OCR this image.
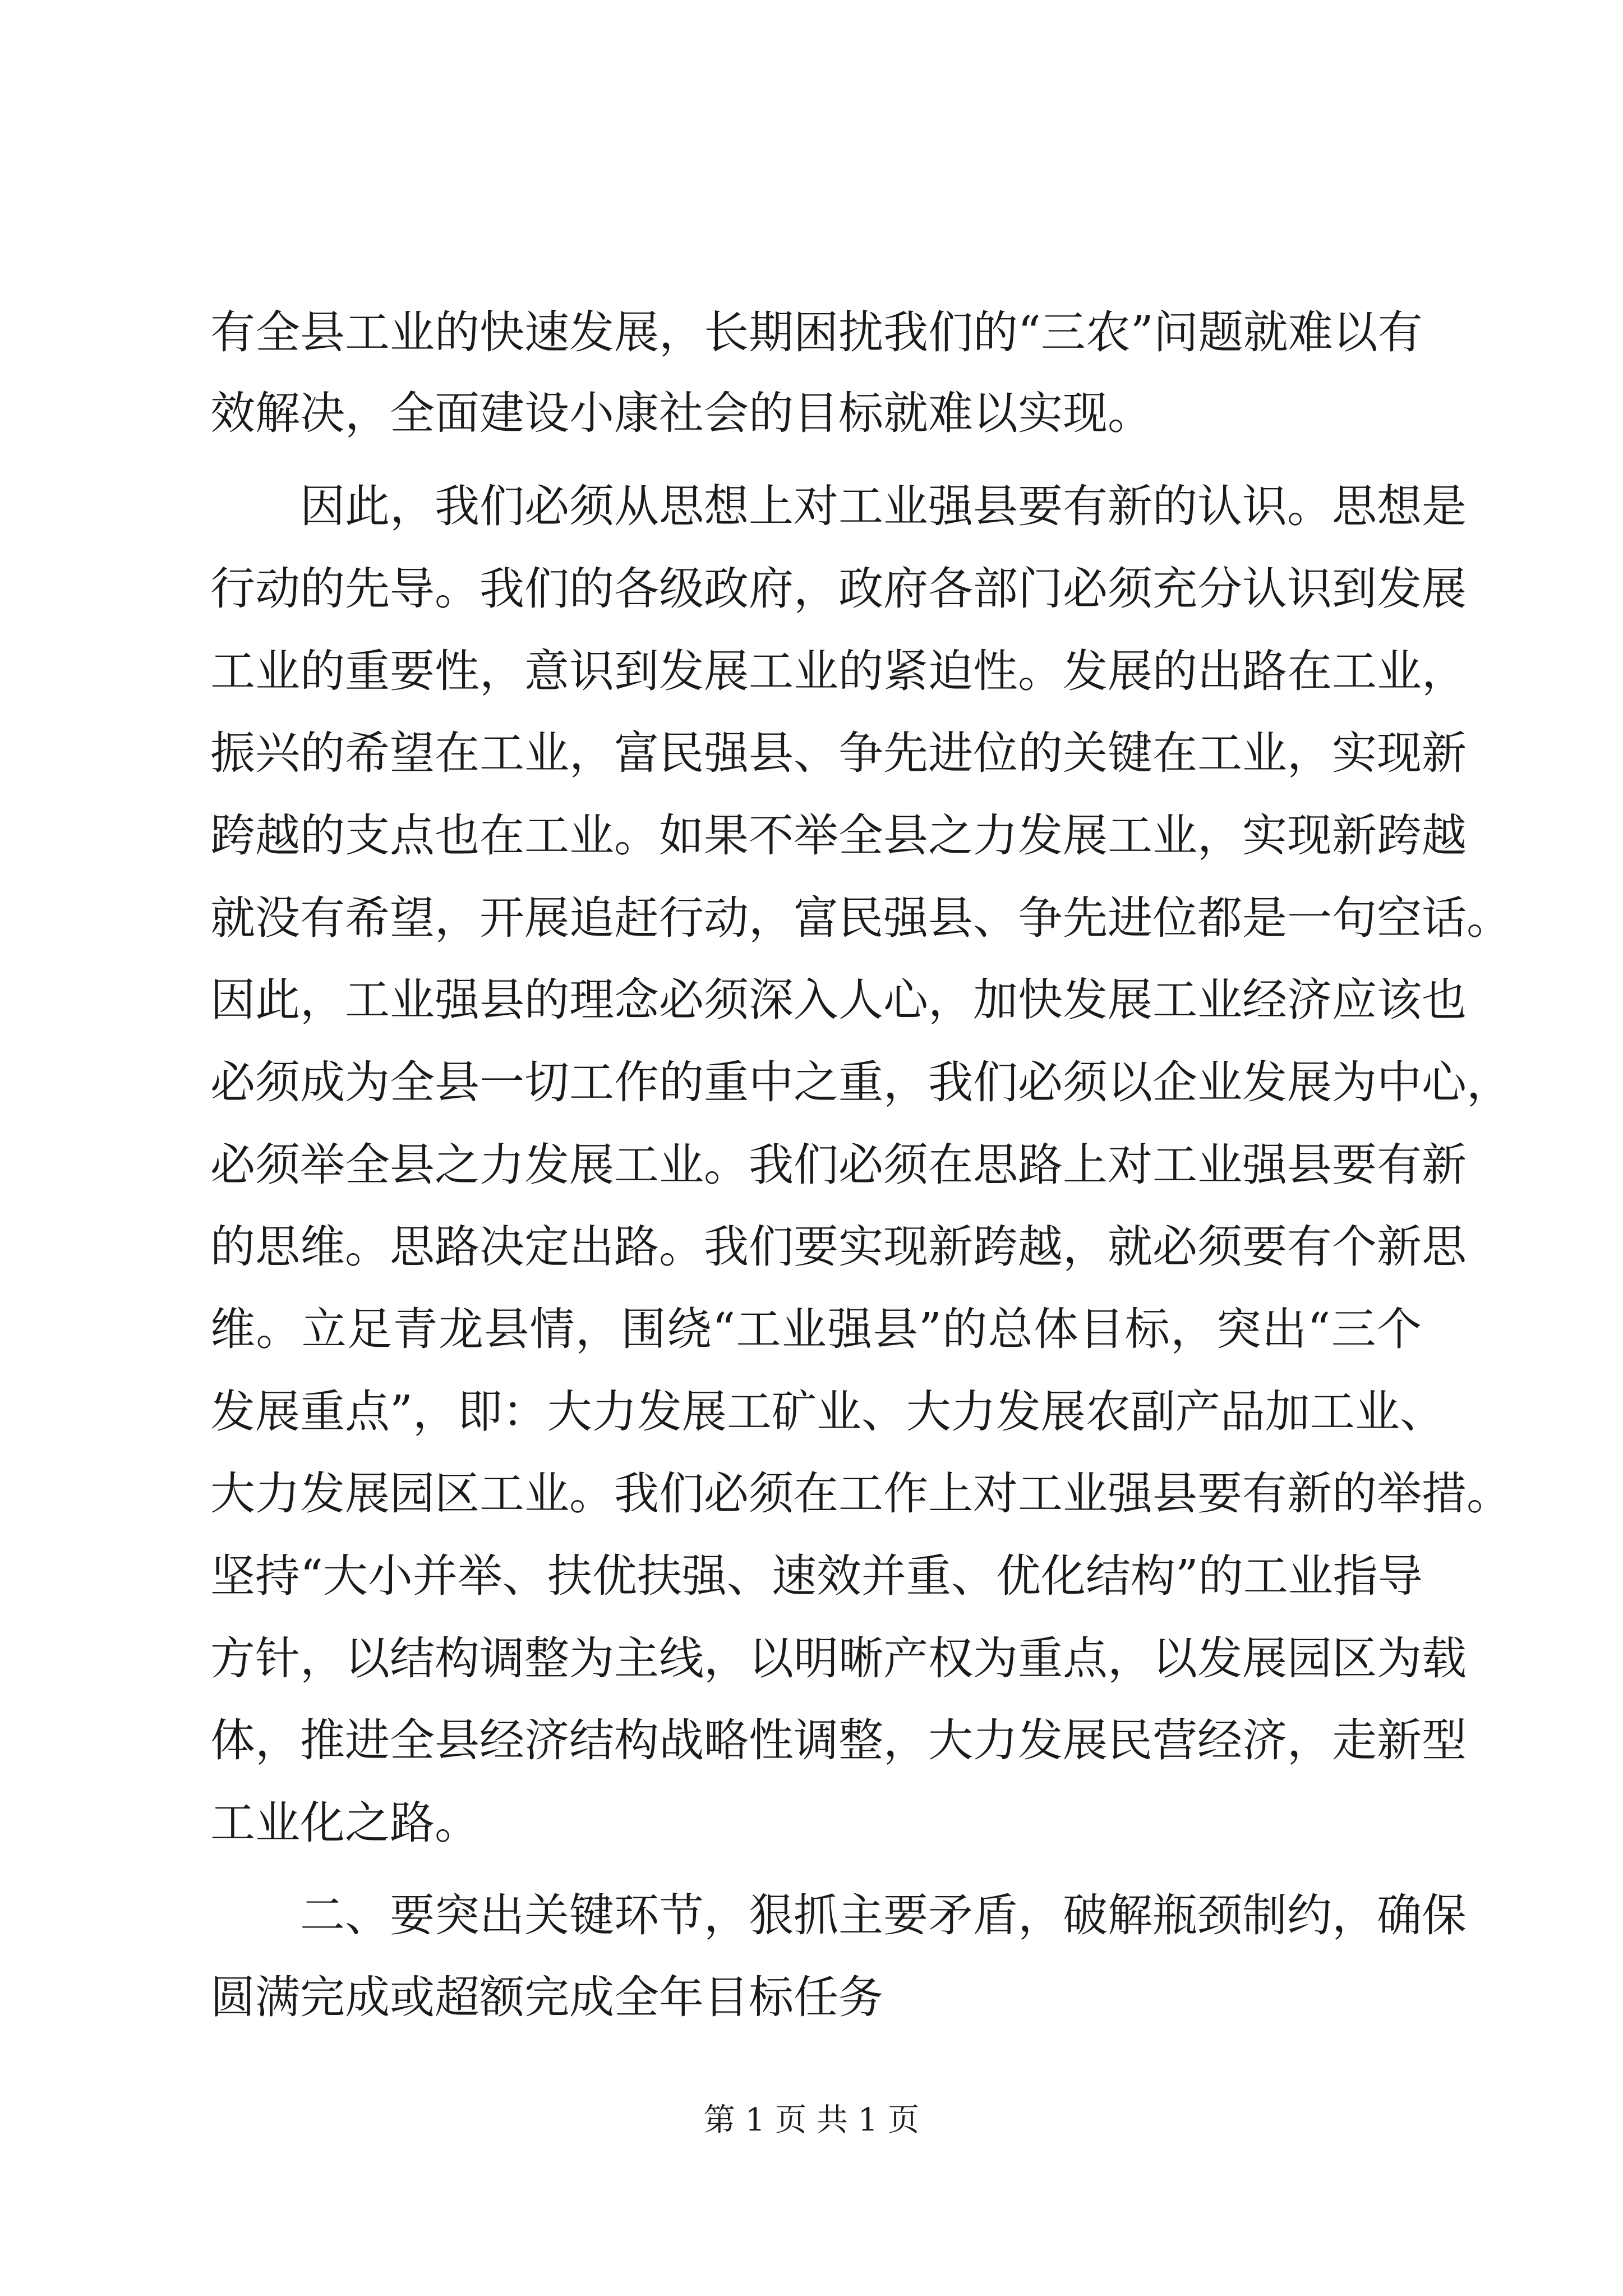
有全县工业的快速发展，长期困扰我们的“三农”问题就难以有
效解决，全面建设小康社会的目标就难以实现。
因此，我们必须从思想上对工业强县要有新的认识。思想是
行动的先导。我们的各级政府，政府各部门必须充分认识到发展
工业的重要性，意识到发展工业的紧迫性。发展的出路在工业，
振兴的希望在工业，富民强县、争先进位的关键在工业，实现新
跨越的支点也在工业。如果不举全县之力发展工业，实现新跨越
就没有希望，开展追赶行动，富民强县、争先进位都是一句空话。
因此，工业强县的理念必须深入人心，加快发展工业经济应该也
必须成为全县一切工作的重中之重，我们必须以企业发展为中心，
必须举全县之力发展工业。我们必须在思路上对工业强县要有新
的思维。思路决定出路。我们要实现新跨越，就必须要有个新思
维。立足青龙县情，围绕“工业强县”的总体目标，突出“三个
发展重点”，即：大力发展工矿业、大力发展农副产品加工业、
大力发展园区工业。我们必须在工作上对工业强县要有新的举措。
坚持“大小并举、扶优扶强、速效并重、优化结构”的工业指导
方针，以结构调整为主线，以明晰产权为重点，以发展园区为载
体，推进全县经济结构战略性调整，大力发展民营经济，走新型
工业化之路。
二、要突出关键环节，狠抓主要矛盾，破解瓶颈制约，确保
圆满完成或超额完成全年目标任务
第 1 页 共 1 页
